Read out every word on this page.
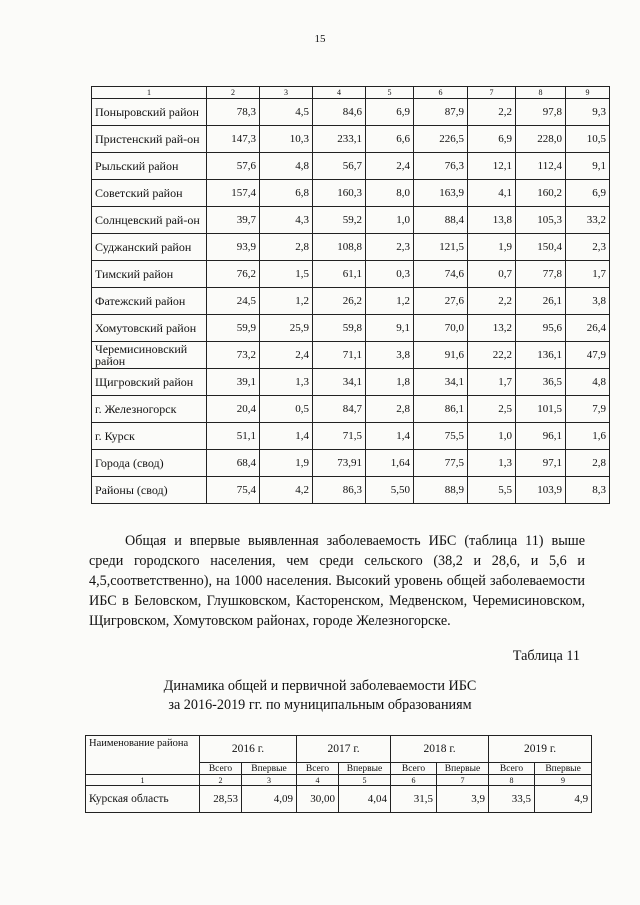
15
1	2	3	4	5	6	7	8	9
Поныровский район	78,3	4,5	84,6	6,9	87,9	2,2	97,8	9,3
Пристенский рай-он	147,3	10,3	233,1	6,6	226,5	6,9	228,0	10,5
Рыльский район	57,6	4,8	56,7	2,4	76,3	12,1	112,4	9,1
Советский район	157,4	6,8	160,3	8,0	163,9	4,1	160,2	6,9
Солнцевский рай-он	39,7	4,3	59,2	1,0	88,4	13,8	105,3	33,2
Суджанский район	93,9	2,8	108,8	2,3	121,5	1,9	150,4	2,3
Тимский район	76,2	1,5	61,1	0,3	74,6	0,7	77,8	1,7
Фатежский район	24,5	1,2	26,2	1,2	27,6	2,2	26,1	3,8
Хомутовский район	59,9	25,9	59,8	9,1	70,0	13,2	95,6	26,4
Черемисиновский район	73,2	2,4	71,1	3,8	91,6	22,2	136,1	47,9
Щигровский район	39,1	1,3	34,1	1,8	34,1	1,7	36,5	4,8
г. Железногорск	20,4	0,5	84,7	2,8	86,1	2,5	101,5	7,9
г. Курск	51,1	1,4	71,5	1,4	75,5	1,0	96,1	1,6
Города (свод)	68,4	1,9	73,91	1,64	77,5	1,3	97,1	2,8
Районы (свод)	75,4	4,2	86,3	5,50	88,9	5,5	103,9	8,3

Общая и впервые выявленная заболеваемость ИБС (таблица 11) выше среди городского населения, чем среди сельского (38,2 и 28,6, и 5,6 и 4,5,соответственно), на 1000 населения. Высокий уровень общей заболеваемости ИБС в Беловском, Глушковском, Касторенском, Медвенском, Черемисиновском, Щигровском, Хомутовском районах, городе Железногорске.

Таблица 11
Динамика общей и первичной заболеваемости ИБС
за 2016-2019 гг. по муниципальным образованиям
Наименование района	2016 г.		2017 г.		2018 г.		2019 г.	
	Всего	Впервые	Всего	Впервые	Всего	Впервые	Всего	Впервые
1	2	3	4	5	6	7	8	9
Курская область	28,53	4,09	30,00	4,04	31,5	3,9	33,5	4,9
